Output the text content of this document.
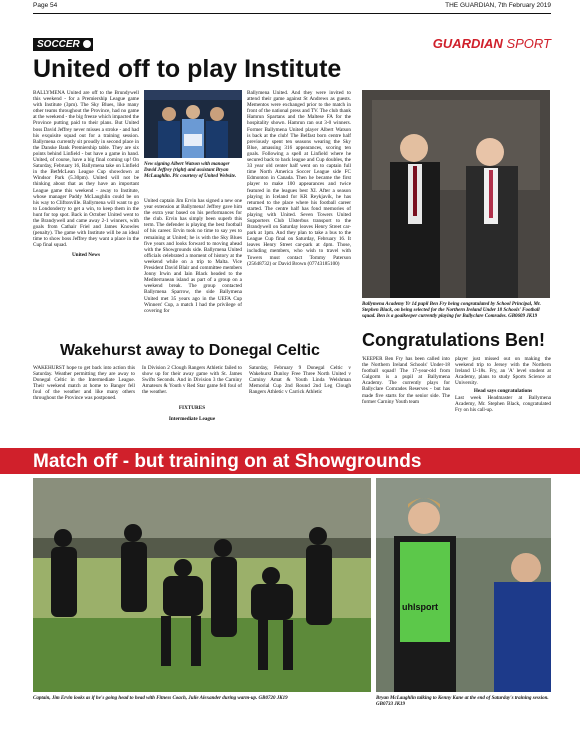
Page 54	THE GUARDIAN, 7th February 2019
SOCCER	GUARDIAN SPORT
United off to play Institute

BALLYMENA United are off to the Brundywell this weekend - for a Premiership League game with Institute (3pm). The Sky Blues, like many other teams throughout the Province, had no game at the weekend - the big freeze which impacted the Province putting paid to their plans. But United boss David Jeffrey never misses a stroke - and had his exquisite squad out for a training session. Ballymena currently sit proudly in second place in the Danske Bank Premiership table. They are six points behind Linfield - but have a game in hand. United, of course, have a big final coming up! On Saturday, February 16, Ballymena take on Linfield in the BetMcLean League Cup showdown at Windsor Park (5.30pm). United will not be thinking about that as they have an important League game this weekend - away to Institute, whose manager Paddy McLaughlin could be on his way to Cliftonville. Ballymena will want to go to Londonderry to get a win, to keep them in the hunt for top spot. Back in October United went to the Brandywell and came away 2-1 winners, with goals from Cathair Friel and James Knowles (penalty). The game with Institute will be an ideal time to show boss Jeffrey they want a place in the Cup final squad.

United News

New signing Albert Watson with manager David Jeffrey (right) and assistant Bryan McLaughlin. Pic courtesy of United Website.
United captain Jim Ervin has signed a new one year extension at Ballymena! Jeffrey gave him the extra year based on his performances for the club. Ervin has simply been superb this term. The defender is playing the best football of his career. Ervin took no time to say yes to remaining at United; he is with the Sky Blues five years and looks forward to moving ahead with the Showgrounds side. Ballymena United officials celebrated a moment of history at the weekend while on a trip to Malta. Vice President David Blair and committee members Jonny Irwin and Iain Black headed to the Mediterranean island as part of a group on a weekend break. The group contacted Ballymena Sparrow, the side Ballymena United met 35 years ago in the UEFA Cup Winners' Cup, a match I had the privilege of covering for
Ballymena United. And they were invited to attend their game against St Andrews as guests. Mementos were exchanged prior to the match in front of the national press and TV. The club thank Hamrun Spartans and the Maltese FA for the hospitality shown. Hamrun ran out 3-0 winners. Former Ballymena United player Albert Watson is back at the club! The Belfast born centre half previously spent ten seasons wearing the Sky Blue, amassing 316 appearances, scoring ten goals. Following a spell at Linfield where he secured back to back league and Cup doubles, the 33 year old center half went on to captain full time North America Soccer League side FC Edmonton in Canada. Then he became the first player to make 100 appearances and twice featured in the leagues best XI. After a season playing in Iceland for KR Reykjavik, he has returned to the place where his football career started. The centre half has fond memories of playing with United. Seven Towers United Supporters Club Ulsterbus transport to the Brandywell on Saturday leaves Henry Street car-park at 1pm. And they plan to take a bus to the League Cup final on Saturday, February 16. It leaves Henry Street car-park at 4pm. Those, including members, who wish to travel with Towers must contact Tommy Paterson (25648732) or David Brown (07743185100)
Ballymena Academy Yr 14 pupil Ben Fry being congratulated by School Principal, Mr. Stephen Black, on being selected for the Northern Ireland Under 18 Schools' Football squad. Ben is a goalkeeper currently playing for Ballyclare Comrades. GB0609 JK19
Congratulations Ben!
'KEEPER Ben Fry has been called into the Northern Ireland Schools' Under-18 football squad! The 17-year-old from Galgorm is a pupil at Ballymena Academy. The currently plays for Ballyclare Comrades Reserves - but has made five starts for the senior side. The former Carniny Youth team

player just missed out on making the weekend trip to Jersey with the Northern Ireland U-18s. Fry, an 'A' level student at Academy, plans to study Sports Science at University.

Head says congratulations

Last week Headmaster at Ballymena Academy, Mr. Stephen Black, congratulated Fry on his call-up.

Wakehurst away to Donegal Celtic
WAKEHURST hope to get back into action this Saturday. Weather permitting they are away to Donegal Celtic in the Intermediate League. Their weekend match at home to Banger fell foul of the weather and like many others throughout the Province was postponed.

In Division 2 Clough Rangers Athletic failed to show up for their away game with St. James Swifts Seconds. And in Division 3 the Carniny Amateurs & Youth v Red Star game fell foul of the weather.

FIXTURES

Intermediate League

Saturday, February 9 Donegal Celtic v Wakehurst Dunloy Free Three North United v Carniny Amat & Youth Linda Welshman Memorial Cup 2nd Round 2nd Leg Clough Rangers Athletic v Carrick Athletic
Match off - but training on at Showgrounds
Captain, Jim Ervin looks as if he's going head to head with Fitness Coach, Julie Alexander during warm-up. GB0720 JK19
uhlsport
Bryan McLaughlin talking to Kenny Kane at the end of Saturday's training session. GB0733 JK19
